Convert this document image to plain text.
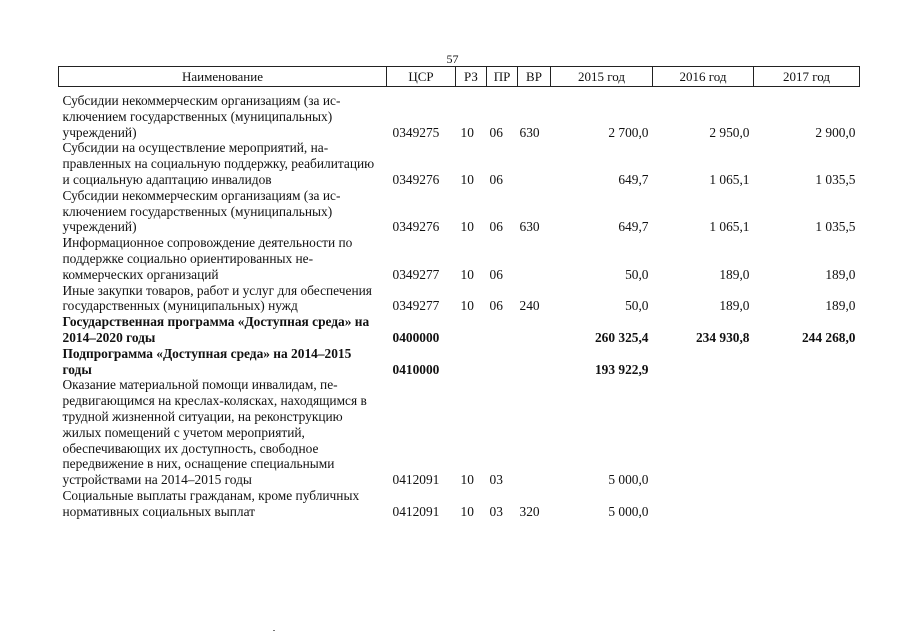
57
Наименование	ЦСР	РЗ	ПР	ВР	2015 год	2016 год	2017 год
Субсидии некоммерческим организациям (за исключением государственных (муниципальных) учреждений)	0349275	10	06	630	2 700,0	2 950,0	2 900,0
Субсидии на осуществление мероприятий, направленных на социальную поддержку, реабилитацию и социальную адаптацию инвалидов	0349276	10	06		649,7	1 065,1	1 035,5
Субсидии некоммерческим организациям (за исключением государственных (муниципальных) учреждений)	0349276	10	06	630	649,7	1 065,1	1 035,5
Информационное сопровождение деятельности по поддержке социально ориентированных некоммерческих организаций	0349277	10	06		50,0	189,0	189,0
Иные закупки товаров, работ и услуг для обеспечения государственных (муниципальных) нужд	0349277	10	06	240	50,0	189,0	189,0
Государственная программа «Доступная среда» на 2014–2020 годы	0400000				260 325,4	234 930,8	244 268,0
Подпрограмма «Доступная среда» на 2014–2015 годы	0410000				193 922,9		
Оказание материальной помощи инвалидам, передвигающимся на креслах-колясках, находящимся в трудной жизненной ситуации, на реконструкцию жилых помещений с учетом мероприятий, обеспечивающих их доступность, свободное передвижение в них, оснащение специальными устройствами на 2014–2015 годы	0412091	10	03		5 000,0		
Социальные выплаты гражданам, кроме публичных нормативных социальных выплат	0412091	10	03	320	5 000,0		
